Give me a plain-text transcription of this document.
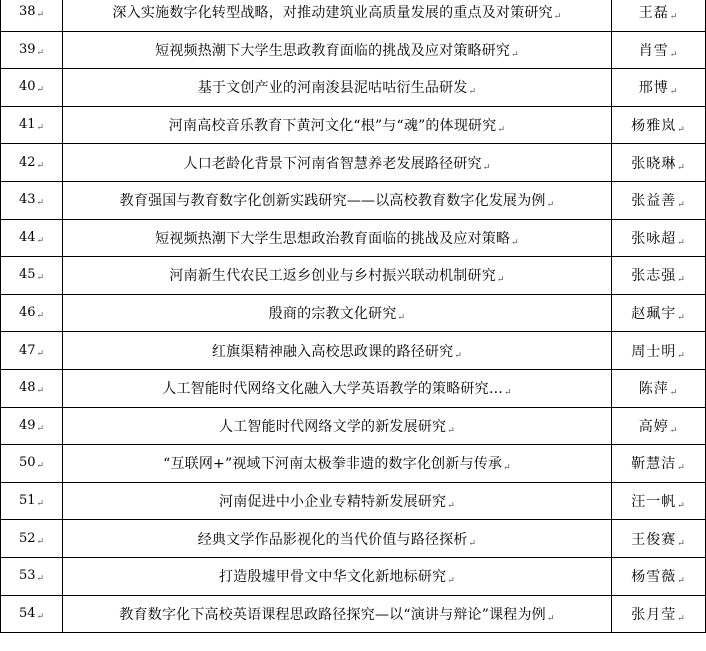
38↵	深入实施数字化转型战略，对推动建筑业高质量发展的重点及对策研究↵	王磊↵
39↵	短视频热潮下大学生思政教育面临的挑战及应对策略研究↵	肖雪↵
40↵	基于文创产业的河南浚县泥咕咕衍生品研发↵	邢博↵
41↵	河南高校音乐教育下黄河文化“根”与“魂”的体现研究↵	杨雅岚↵
42↵	人口老龄化背景下河南省智慧养老发展路径研究↵	张晓琳↵
43↵	教育强国与教育数字化创新实践研究——以高校教育数字化发展为例↵	张益善↵
44↵	短视频热潮下大学生思想政治教育面临的挑战及应对策略↵	张咏超↵
45↵	河南新生代农民工返乡创业与乡村振兴联动机制研究↵	张志强↵
46↵	殷商的宗教文化研究↵	赵珮宇↵
47↵	红旗渠精神融入高校思政课的路径研究↵	周士明↵
48↵	人工智能时代网络文化融入大学英语教学的策略研究…↵	陈萍↵
49↵	人工智能时代网络文学的新发展研究↵	高婷↵
50↵	“互联网+”视域下河南太极拳非遗的数字化创新与传承↵	靳慧洁↵
51↵	河南促进中小企业专精特新发展研究↵	汪一帆↵
52↵	经典文学作品影视化的当代价值与路径探析↵	王俊赛↵
53↵	打造殷墟甲骨文中华文化新地标研究↵	杨雪薇↵
54↵	教育数字化下高校英语课程思政路径探究—以“演讲与辩论”课程为例↵	张月莹↵
